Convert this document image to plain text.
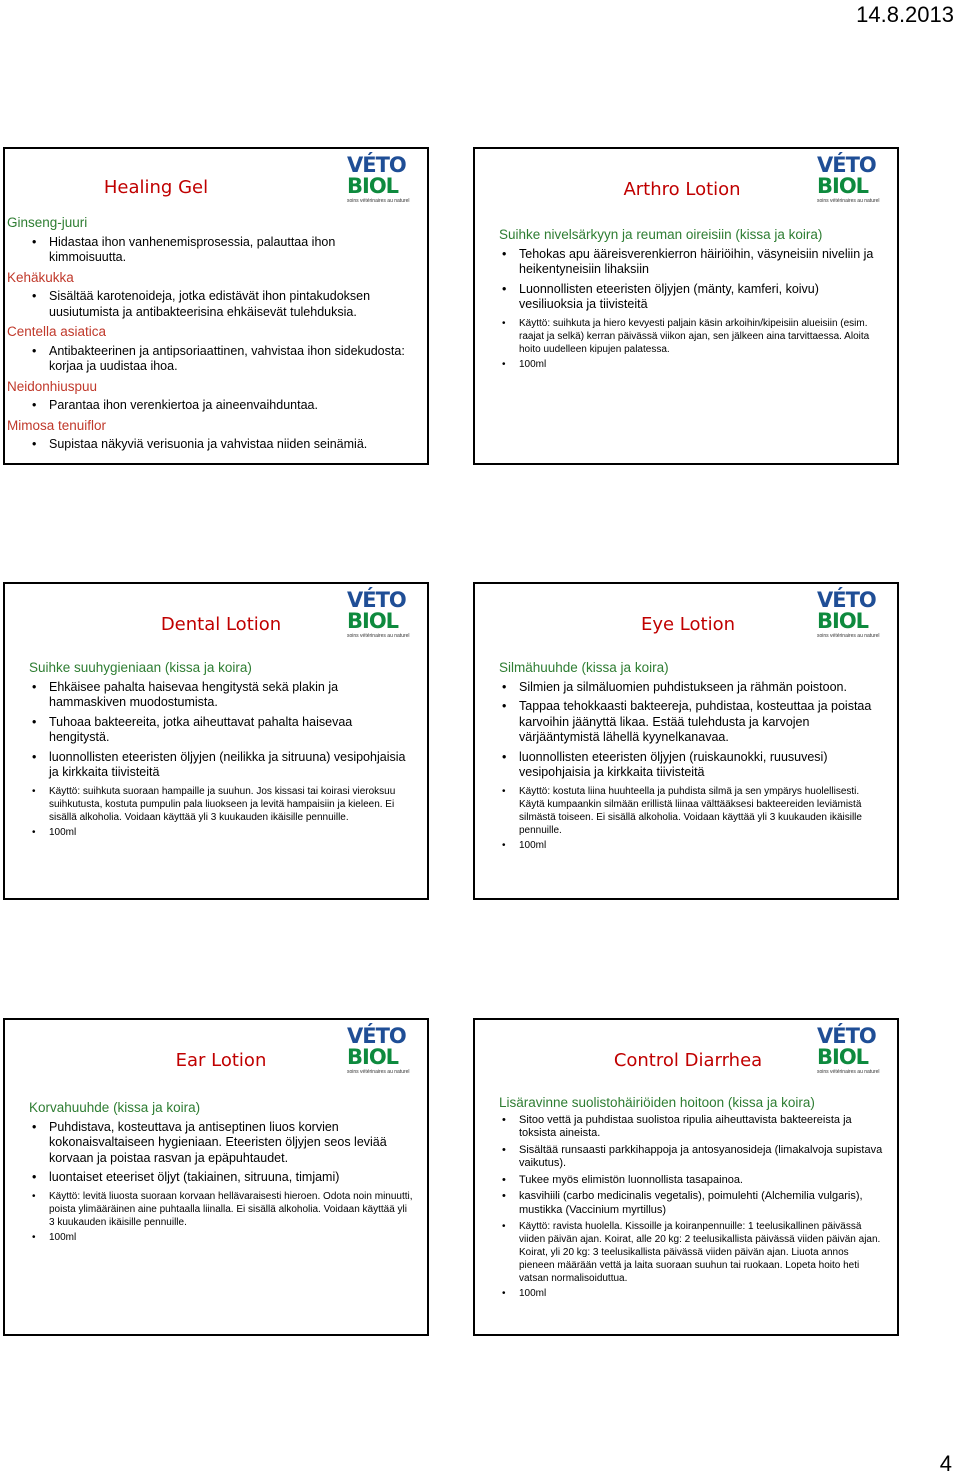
14.8.2013
Healing Gel
VÉTO
BIOL
soins vétérinaires au naturel
Ginseng-juuri
• Hidastaa ihon vanhenemisprosessia, palauttaa ihon kimmoisuutta.
Kehäkukka
• Sisältää karotenoideja, jotka edistävät ihon pintakudoksen uusiutumista ja antibakteerisina ehkäisevät tulehduksia.
Centella asiatica
• Antibakteerinen ja antipsoriaattinen, vahvistaa ihon sidekudosta: korjaa ja uudistaa ihoa.
Neidonhiuspuu
• Parantaa ihon verenkiertoa ja aineenvaihduntaa.
Mimosa tenuiflor
• Supistaa näkyviä verisuonia ja vahvistaa niiden seinämiä.
Arthro Lotion
VÉTO
BIOL
soins vétérinaires au naturel
Suihke nivelsärkyyn ja reuman oireisiin (kissa ja koira)
• Tehokas apu ääreisverenkierron häiriöihin, väsyneisiin niveliin ja heikentyneisiin lihaksiin
• Luonnollisten eteeristen öljyjen (mänty, kamferi, koivu) vesiliuoksia ja tiivisteitä
• Käyttö: suihkuta ja hiero kevyesti paljain käsin arkoihin/kipeisiin alueisiin (esim. raajat ja selkä) kerran päivässä viikon ajan, sen jälkeen aina tarvittaessa. Aloita hoito uudelleen kipujen palatessa.
• 100ml
Dental Lotion
VÉTO
BIOL
soins vétérinaires au naturel
Suihke suuhygieniaan (kissa ja koira)
• Ehkäisee pahalta haisevaa hengitystä sekä plakin ja hammaskiven muodostumista.
• Tuhoaa bakteereita, jotka aiheuttavat pahalta haisevaa hengitystä.
• luonnollisten eteeristen öljyjen (neilikka ja sitruuna) vesipohjaisia ja kirkkaita tiivisteitä
• Käyttö: suihkuta suoraan hampaille ja suuhun. Jos kissasi tai koirasi vieroksuu suihkutusta, kostuta pumpulin pala liuokseen ja levitä hampaisiin ja kieleen. Ei sisällä alkoholia. Voidaan käyttää yli 3 kuukauden ikäisille pennuille.
• 100ml
Eye Lotion
VÉTO
BIOL
soins vétérinaires au naturel
Silmähuuhde (kissa ja koira)
• Silmien ja silmäluomien puhdistukseen ja rähmän poistoon.
• Tappaa tehokkaasti bakteereja, puhdistaa, kosteuttaa ja poistaa karvoihin jäänyttä likaa. Estää tulehdusta ja karvojen värjääntymistä lähellä kyynelkanavaa.
• luonnollisten eteeristen öljyjen (ruiskaunokki, ruusuvesi) vesipohjaisia ja kirkkaita tiivisteitä
• Käyttö: kostuta liina huuhteella ja puhdista silmä ja sen ympärys huolellisesti. Käytä kumpaankin silmään erillistä liinaa välttääksesi bakteereiden leviämistä silmästä toiseen. Ei sisällä alkoholia. Voidaan käyttää yli 3 kuukauden ikäisille pennuille.
• 100ml
Ear Lotion
VÉTO
BIOL
soins vétérinaires au naturel
Korvahuuhde (kissa ja koira)
• Puhdistava, kosteuttava ja antiseptinen liuos korvien kokonaisvaltaiseen hygieniaan. Eteeristen öljyjen seos leviää korvaan ja poistaa rasvan ja epäpuhtaudet.
• luontaiset eteeriset öljyt (takiainen, sitruuna, timjami)
• Käyttö: levitä liuosta suoraan korvaan hellävaraisesti hieroen. Odota noin minuutti, poista ylimääräinen aine puhtaalla liinalla. Ei sisällä alkoholia. Voidaan käyttää yli 3 kuukauden ikäisille pennuille.
• 100ml
Control Diarrhea
VÉTO
BIOL
soins vétérinaires au naturel
Lisäravinne suolistohäiriöiden hoitoon (kissa ja koira)
• Sitoo vettä ja puhdistaa suolistoa ripulia aiheuttavista bakteereista ja toksista aineista.
• Sisältää runsaasti parkkihappoja ja antosyanosideja (limakalvoja supistava vaikutus).
• Tukee myös elimistön luonnollista tasapainoa.
• kasvihiili (carbo medicinalis vegetalis), poimulehti (Alchemilia vulgaris), mustikka (Vaccinium myrtillus)
• Käyttö: ravista huolella. Kissoille ja koiranpennuille: 1 teelusikallinen päivässä viiden päivän ajan. Koirat, alle 20 kg: 2 teelusikallista päivässä viiden päivän ajan. Koirat, yli 20 kg: 3 teelusikallista päivässä viiden päivän ajan. Liuota annos pieneen määrään vettä ja laita suoraan suuhun tai ruokaan. Lopeta hoito heti vatsan normalisoiduttua.
• 100ml
4
